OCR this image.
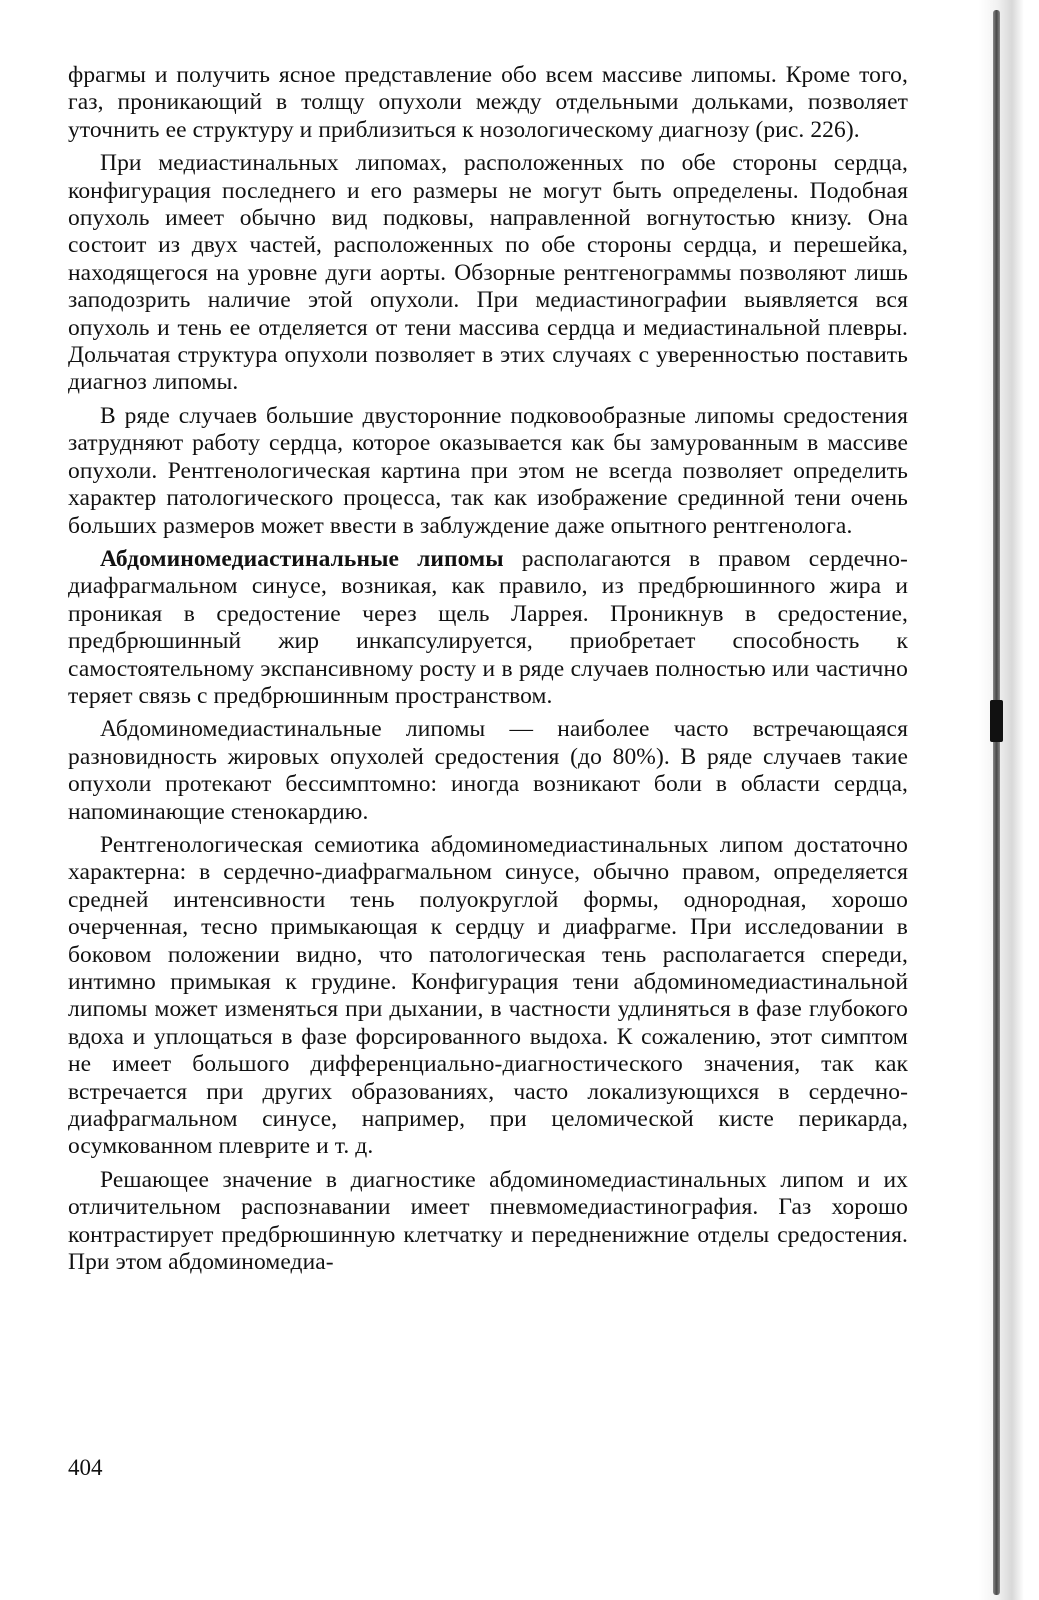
фрагмы и получить ясное представление обо всем массиве липомы. Кроме того, газ, проникающий в толщу опухоли между отдельными дольками, позволяет уточнить ее структуру и приблизиться к нозологическому диагнозу (рис. 226).

При медиастинальных липомах, расположенных по обе стороны сердца, конфигурация последнего и его размеры не могут быть определены. Подобная опухоль имеет обычно вид подковы, направленной вогнутостью книзу. Она состоит из двух частей, расположенных по обе стороны сердца, и перешейка, находящегося на уровне дуги аорты. Обзорные рентгенограммы позволяют лишь заподозрить наличие этой опухоли. При медиастинографии выявляется вся опухоль и тень ее отделяется от тени массива сердца и медиастинальной плевры. Дольчатая структура опухоли позволяет в этих случаях с уверенностью поставить диагноз липомы.

В ряде случаев большие двусторонние подковообразные липомы средостения затрудняют работу сердца, которое оказывается как бы замурованным в массиве опухоли. Рентгенологическая картина при этом не всегда позволяет определить характер патологического процесса, так как изображение срединной тени очень больших размеров может ввести в заблуждение даже опытного рентгенолога.

Абдоминомедиастинальные липомы располагаются в правом сердечно-диафрагмальном синусе, возникая, как правило, из предбрюшинного жира и проникая в средостение через щель Ларрея. Проникнув в средостение, предбрюшинный жир инкапсулируется, приобретает способность к самостоятельному экспансивному росту и в ряде случаев полностью или частично теряет связь с предбрюшинным пространством.

Абдоминомедиастинальные липомы — наиболее часто встречающаяся разновидность жировых опухолей средостения (до 80%). В ряде случаев такие опухоли протекают бессимптомно: иногда возникают боли в области сердца, напоминающие стенокардию.

Рентгенологическая семиотика абдоминомедиастинальных липом достаточно характерна: в сердечно-диафрагмальном синусе, обычно правом, определяется средней интенсивности тень полуокруглой формы, однородная, хорошо очерченная, тесно примыкающая к сердцу и диафрагме. При исследовании в боковом положении видно, что патологическая тень располагается спереди, интимно примыкая к грудине. Конфигурация тени абдоминомедиастинальной липомы может изменяться при дыхании, в частности удлиняться в фазе глубокого вдоха и уплощаться в фазе форсированного выдоха. К сожалению, этот симптом не имеет большого дифференциально-диагностического значения, так как встречается при других образованиях, часто локализующихся в сердечно-диафрагмальном синусе, например, при целомической кисте перикарда, осумкованном плеврите и т. д.

Решающее значение в диагностике абдоминомедиастинальных липом и их отличительном распознавании имеет пневмомедиастинография. Газ хорошо контрастирует предбрюшинную клетчатку и передненижние отделы средостения. При этом абдоминомедиа-

404
